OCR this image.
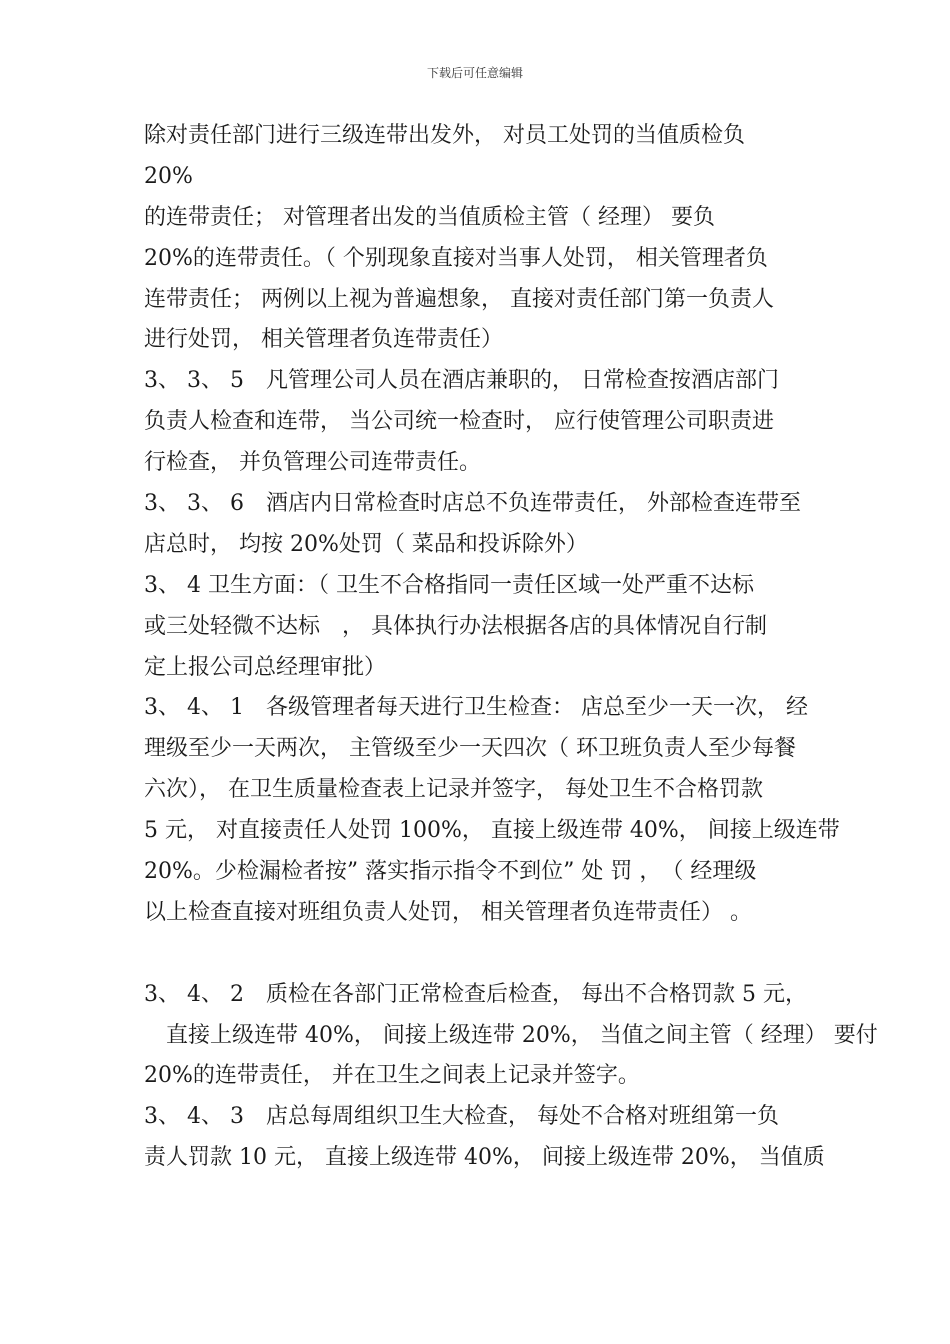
下载后可任意编辑
除对责任部门进行三级连带出发外， 对员工处罚的当值质检负
20%
的连带责任； 对管理者出发的当值质检主管（ 经理） 要负
20%的连带责任。（ 个别现象直接对当事人处罚， 相关管理者负
连带责任； 两例以上视为普遍想象， 直接对责任部门第一负责人
进行处罚， 相关管理者负连带责任）
3、 3、 5　凡管理公司人员在酒店兼职的， 日常检查按酒店部门
负责人检查和连带， 当公司统一检查时， 应行使管理公司职责进
行检查， 并负管理公司连带责任。
3、 3、 6　酒店内日常检查时店总不负连带责任， 外部检查连带至
店总时， 均按 20%处罚（ 菜品和投诉除外）
3、 4 卫生方面：（ 卫生不合格指同一责任区域一处严重不达标
或三处轻微不达标　， 具体执行办法根据各店的具体情况自行制
定上报公司总经理审批）
3、 4、 1　各级管理者每天进行卫生检查： 店总至少一天一次， 经
理级至少一天两次， 主管级至少一天四次（ 环卫班负责人至少每餐
六次）， 在卫生质量检查表上记录并签字， 每处卫生不合格罚款
5 元， 对直接责任人处罚 100%， 直接上级连带 40%， 间接上级连带
20%。少检漏检者按” 落实指示指令不到位” 处 罚 ，　（ 经理级
以上检查直接对班组负责人处罚， 相关管理者负连带责任） 。
3、 4、 2　质检在各部门正常检查后检查， 每出不合格罚款 5 元，
　直接上级连带 40%， 间接上级连带 20%， 当值之间主管（ 经理） 要付
20%的连带责任， 并在卫生之间表上记录并签字。
3、 4、 3　店总每周组织卫生大检查， 每处不合格对班组第一负
责人罚款 10 元， 直接上级连带 40%， 间接上级连带 20%， 当值质
